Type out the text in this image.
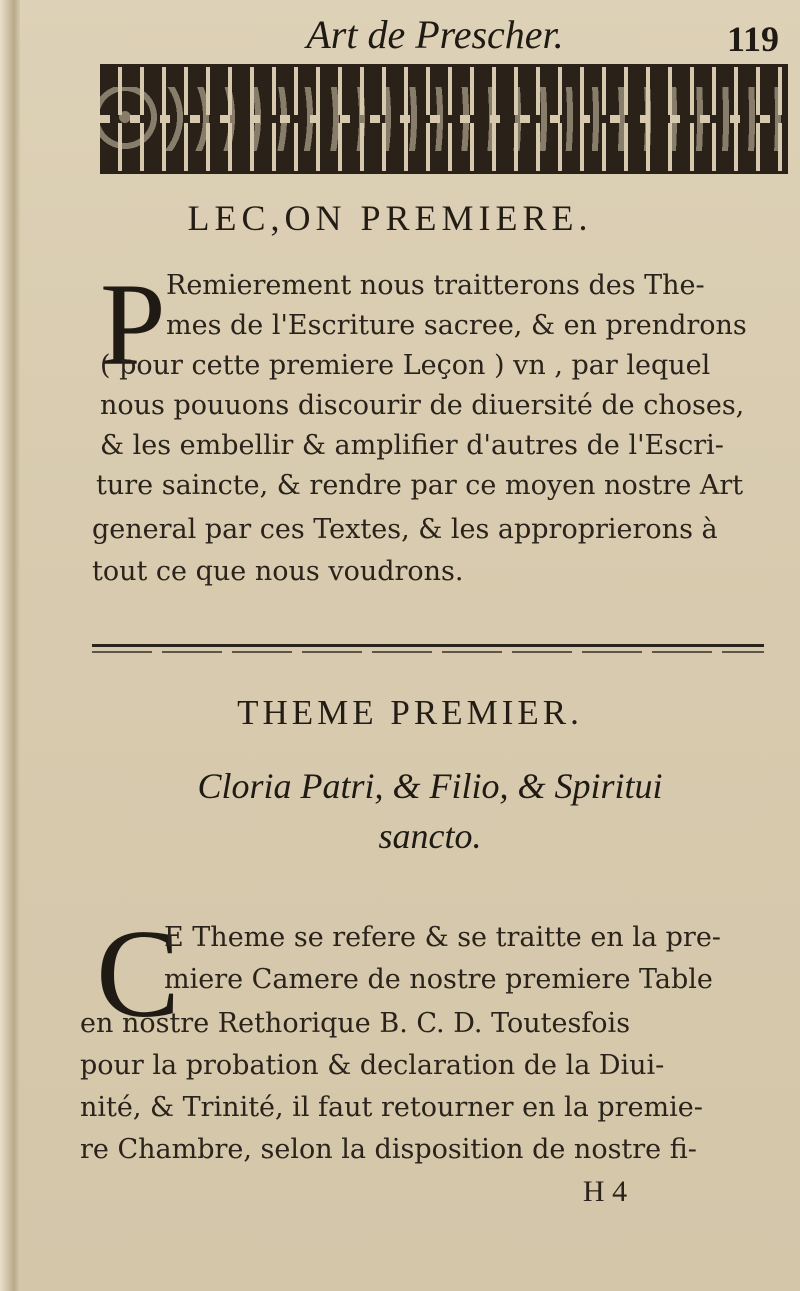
Art de Prescher.	119
LEC,ON PREMIERE.
P Remierement nous traitterons des The-
mes de l'Escriture sacree, & en prendrons
( pour cette premiere Leçon ) vn , par lequel
nous pouuons discourir de diuersité de choses,
& les embellir & amplifier d'autres de l'Escri-
ture saincte, & rendre par ce moyen nostre Art
general par ces Textes, & les approprierons à
tout ce que nous voudrons.
THEME PREMIER.
Cloria Patri, & Filio, & Spiritui
sancto.
C
E Theme se refere & se traitte en la pre-
miere Camere de nostre premiere Table
en nostre Rethorique B. C. D. Toutesfois
pour la probation & declaration de la Diui-
nité, & Trinité, il faut retourner en la premie-
re Chambre, selon la disposition de nostre fi-
H 4
